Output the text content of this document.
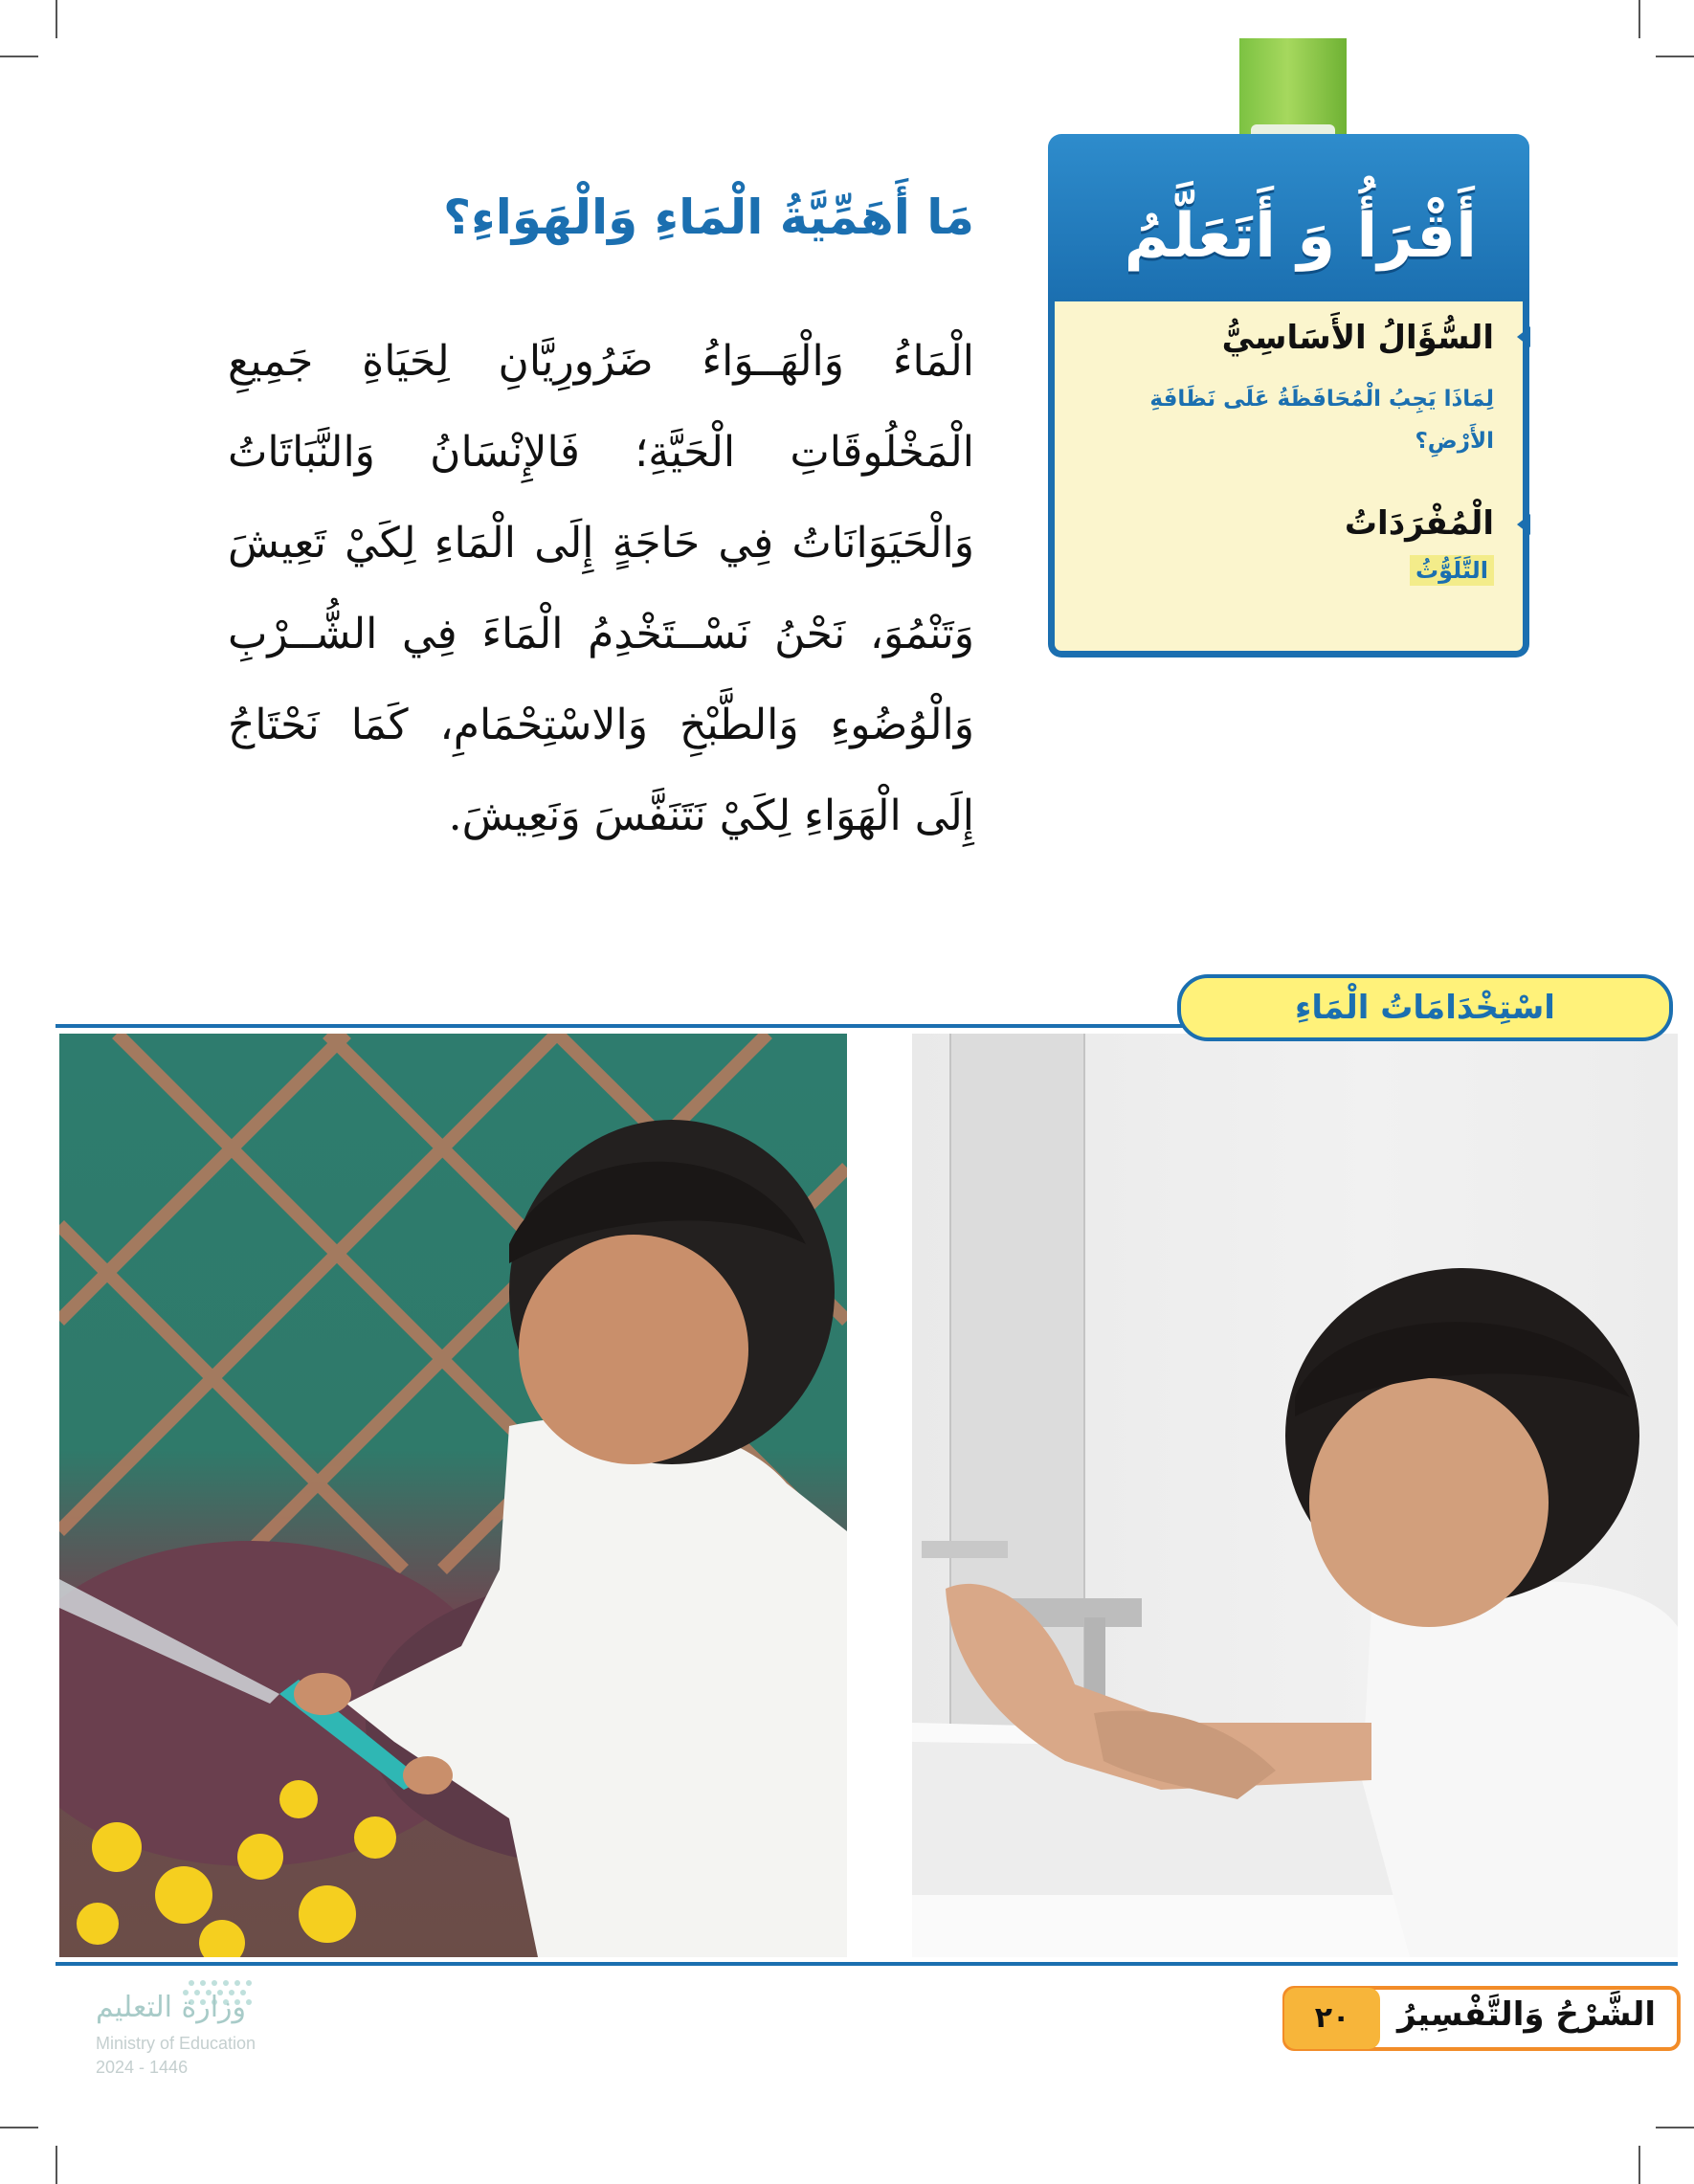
أَقْرَأُ وَ أَتَعَلَّمُ
السُّؤَالُ الأَسَاسِيُّ
لِمَاذَا يَجِبُ الْمُحَافَظَةُ عَلَى نَظَافَةِ الأَرْضِ؟
الْمُفْرَدَاتُ
التَّلَوُّثُ
مَا أَهَمِّيَّةُ الْمَاءِ وَالْهَوَاءِ؟
الْمَاءُ وَالْهَــوَاءُ ضَرُورِيَّانِ لِحَيَاةِ جَمِيعِ الْمَخْلُوقَاتِ الْحَيَّةِ؛ فَالإِنْسَانُ وَالنَّبَاتَاتُ وَالْحَيَوَانَاتُ فِي حَاجَةٍ إِلَى الْمَاءِ لِكَيْ تَعِيشَ وَتَنْمُوَ، نَحْنُ نَسْــتَخْدِمُ الْمَاءَ فِي الشُّــرْبِ وَالْوُضُوءِ وَالطَّبْخِ وَالاسْتِحْمَامِ، كَمَا نَحْتَاجُ إِلَى الْهَوَاءِ لِكَيْ نَتَنَفَّسَ وَنَعِيشَ.
اسْتِخْدَامَاتُ الْمَاءِ
الشَّرْحُ وَالتَّفْسِيرُ
٢٠
وزارة التعليم
Ministry of Education
2024 - 1446
